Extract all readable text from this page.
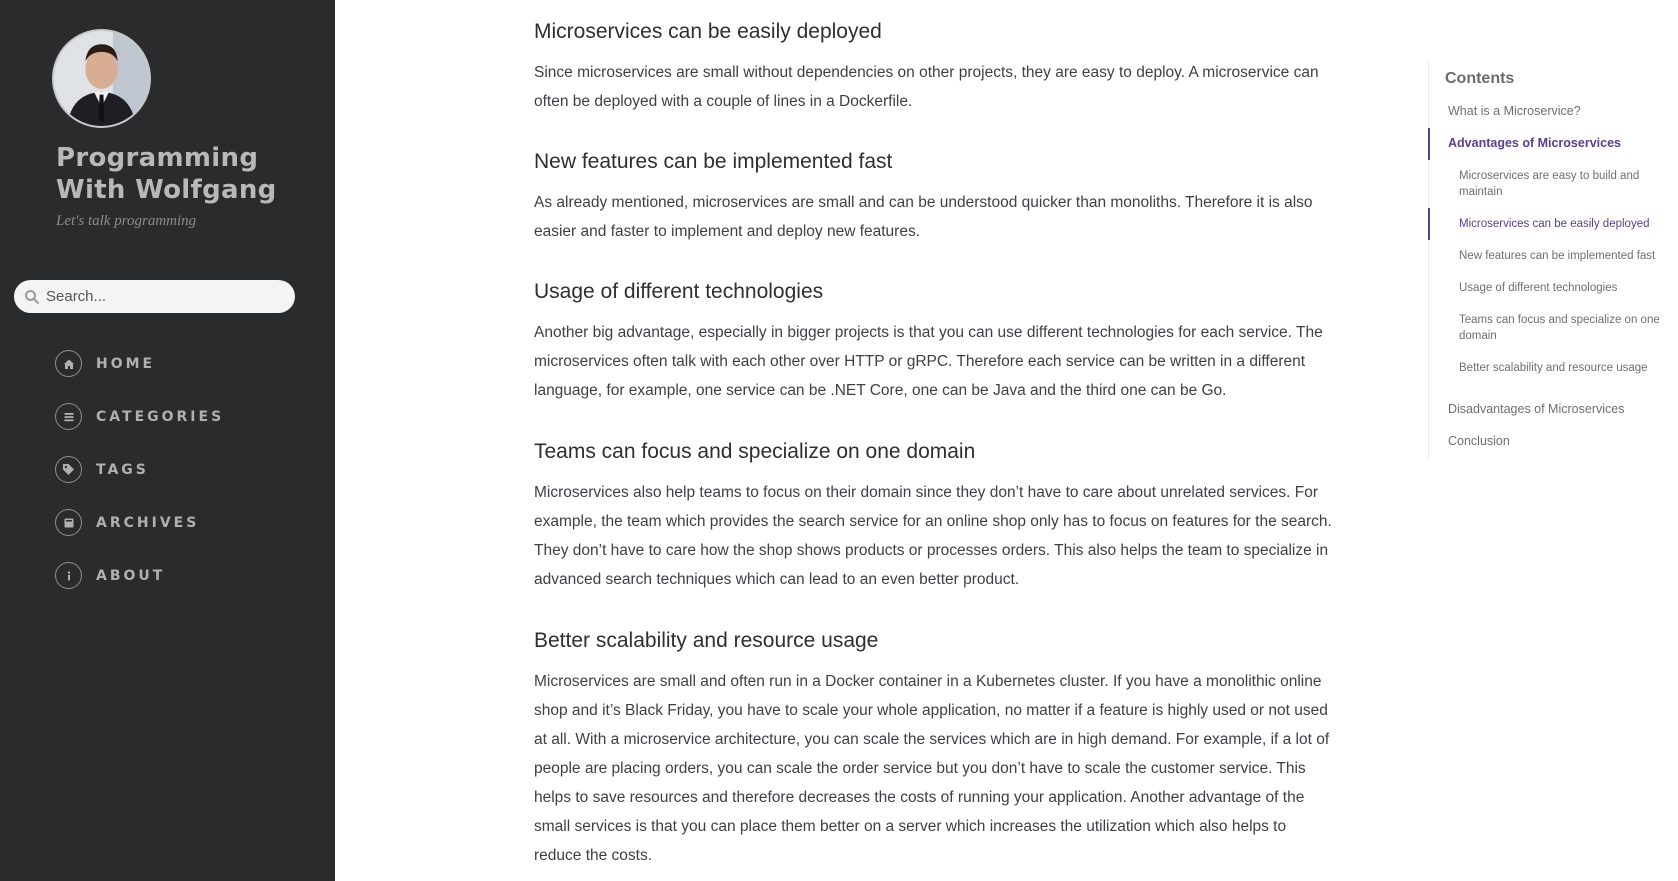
Programming With Wolfgang
Let's talk programming
Search...
HOME
CATEGORIES
TAGS
ARCHIVES
ABOUT
Microservices can be easily deployed

Since microservices are small without dependencies on other projects, they are easy to deploy. A microservice can often be deployed with a couple of lines in a Dockerfile.

New features can be implemented fast

As already mentioned, microservices are small and can be understood quicker than monoliths. Therefore it is also easier and faster to implement and deploy new features.

Usage of different technologies

Another big advantage, especially in bigger projects is that you can use different technologies for each service. The microservices often talk with each other over HTTP or gRPC. Therefore each service can be written in a different language, for example, one service can be .NET Core, one can be Java and the third one can be Go.

Teams can focus and specialize on one domain

Microservices also help teams to focus on their domain since they don’t have to care about unrelated services. For example, the team which provides the search service for an online shop only has to focus on features for the search. They don’t have to care how the shop shows products or processes orders. This also helps the team to specialize in advanced search techniques which can lead to an even better product.

Better scalability and resource usage

Microservices are small and often run in a Docker container in a Kubernetes cluster. If you have a monolithic online shop and it’s Black Friday, you have to scale your whole application, no matter if a feature is highly used or not used at all. With a microservice architecture, you can scale the services which are in high demand. For example, if a lot of people are placing orders, you can scale the order service but you don’t have to scale the customer service. This helps to save resources and therefore decreases the costs of running your application. Another advantage of the small services is that you can place them better on a server which increases the utilization which also helps to reduce the costs.

Contents
What is a Microservice?
Advantages of Microservices
Microservices are easy to build and maintain
Microservices can be easily deployed
New features can be implemented fast
Usage of different technologies
Teams can focus and specialize on one domain
Better scalability and resource usage
Disadvantages of Microservices
Conclusion
